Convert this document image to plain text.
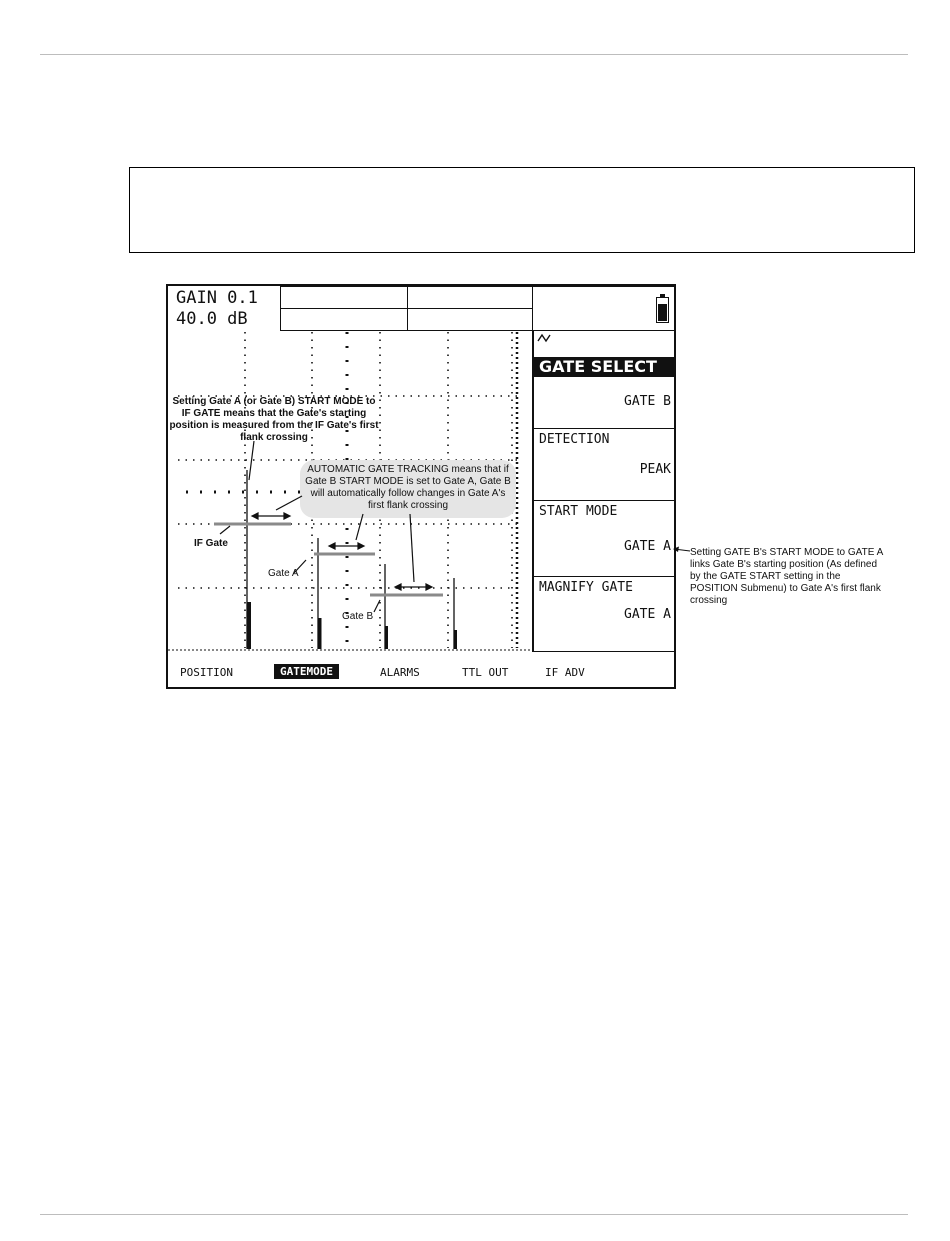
GAIN 0.1
40.0 dB
Setting Gate A (or Gate B) START MODE to IF GATE means that the Gate's starting position is measured from the IF Gate's first flank crossing
AUTOMATIC GATE TRACKING means that if Gate B START MODE is set to Gate A, Gate B will automatically follow changes in Gate A's first flank crossing
IF Gate
Gate A
Gate B
GATE SELECT
GATE B
DETECTION
PEAK
START MODE
GATE A
MAGNIFY GATE
GATE A
POSITION	GATEMODE	ALARMS	TTL OUT	IF ADV
Setting GATE B's START MODE to GATE A links Gate B's starting position (As defined by the GATE START setting in the POSITION Submenu) to Gate A's first flank crossing
